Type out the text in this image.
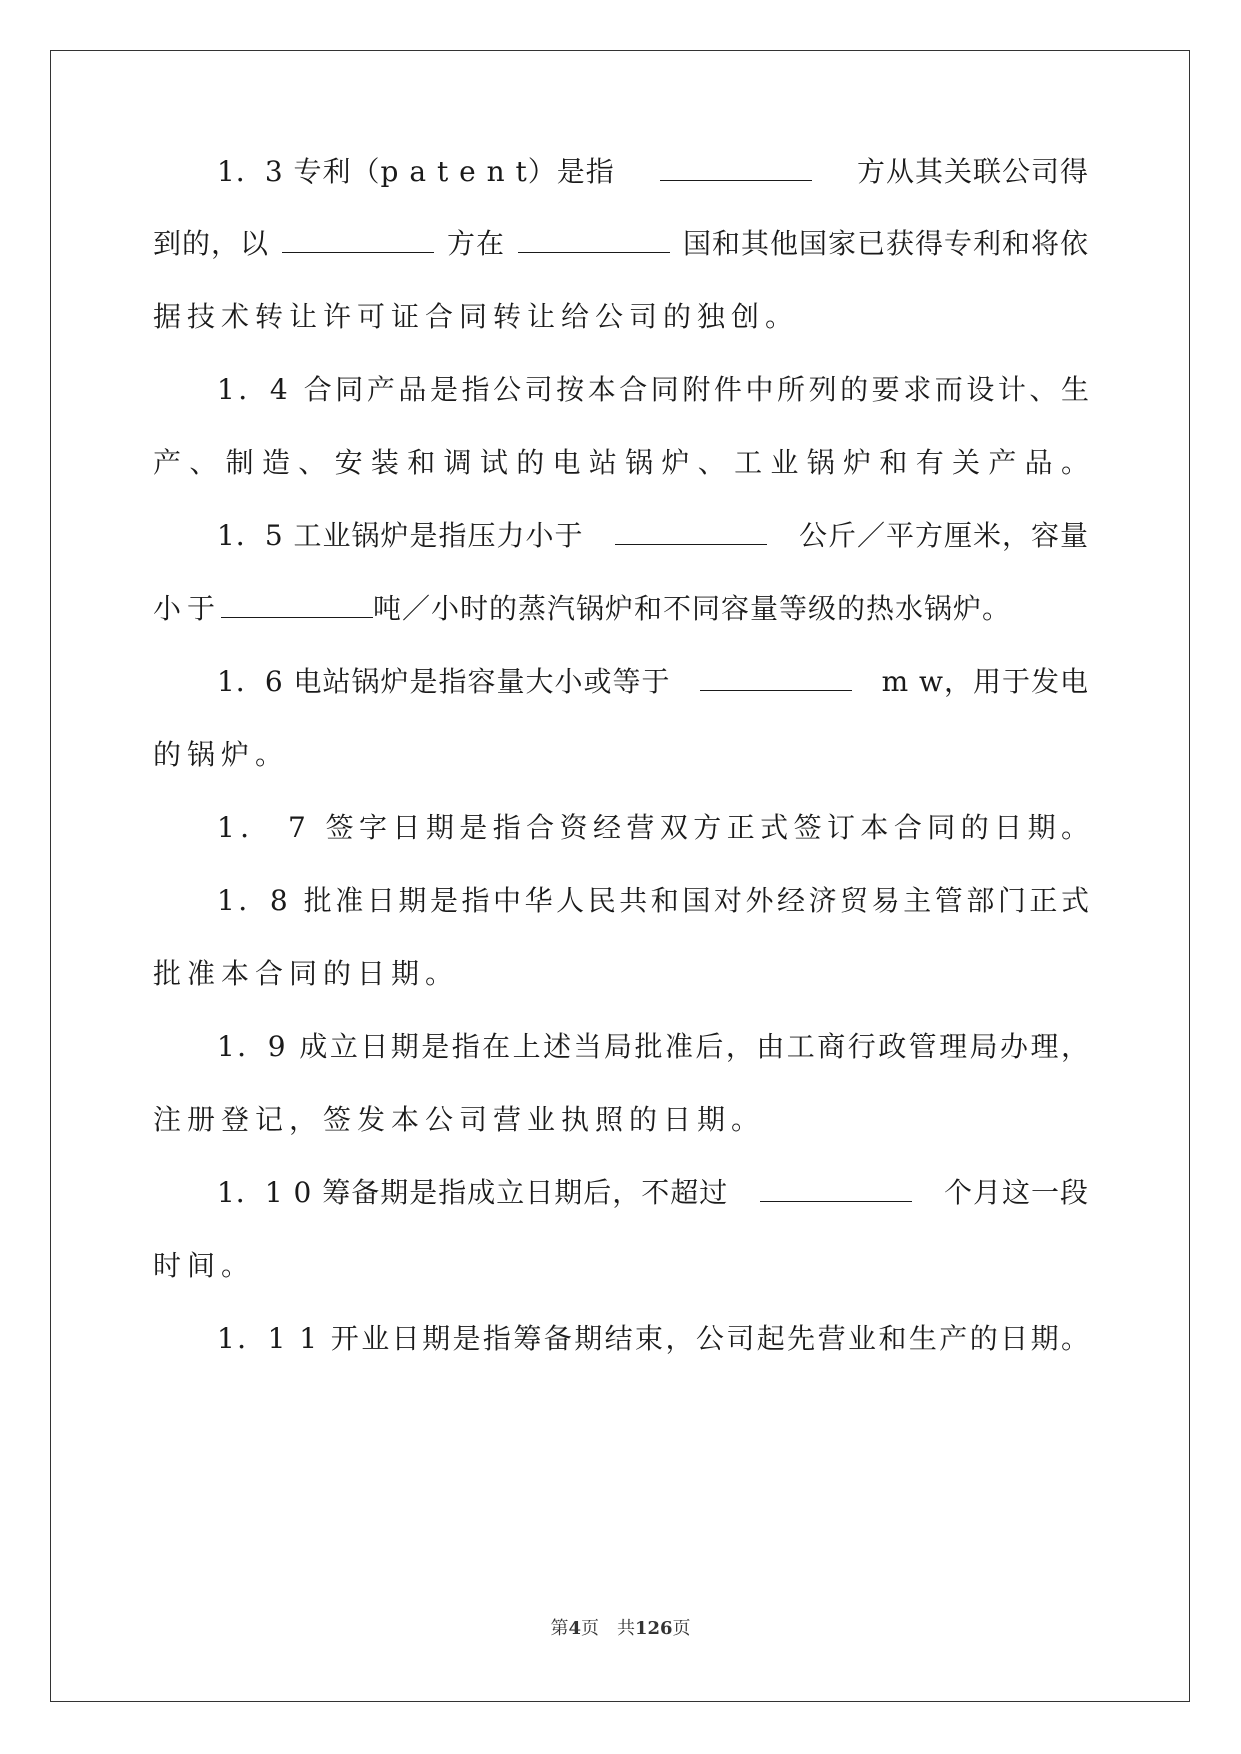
1．3 专利（p a t e n t）是指	方从其关联公司得
到的，以	方在	国和其他国家已获得专利和将依
据技术转让许可证合同转让给公司的独创。
1．4 合同产品是指公司按本合同附件中所列的要求而设计、生
产、制造、安装和调试的电站锅炉、工业锅炉和有关产品。
1．5 工业锅炉是指压力小于	公斤／平方厘米，容量
小于	吨／小时的蒸汽锅炉和不同容量等级的热水锅炉。
1．6 电站锅炉是指容量大小或等于	m w，用于发电
的锅炉。
1． 7 签字日期是指合资经营双方正式签订本合同的日期。
1．8 批准日期是指中华人民共和国对外经济贸易主管部门正式
批准本合同的日期。
1．9 成立日期是指在上述当局批准后，由工商行政管理局办理，
注册登记，签发本公司营业执照的日期。
1．1 0 筹备期是指成立日期后，不超过	个月这一段
时间。
1．1 1 开业日期是指筹备期结束，公司起先营业和生产的日期。
第4页　共126页
